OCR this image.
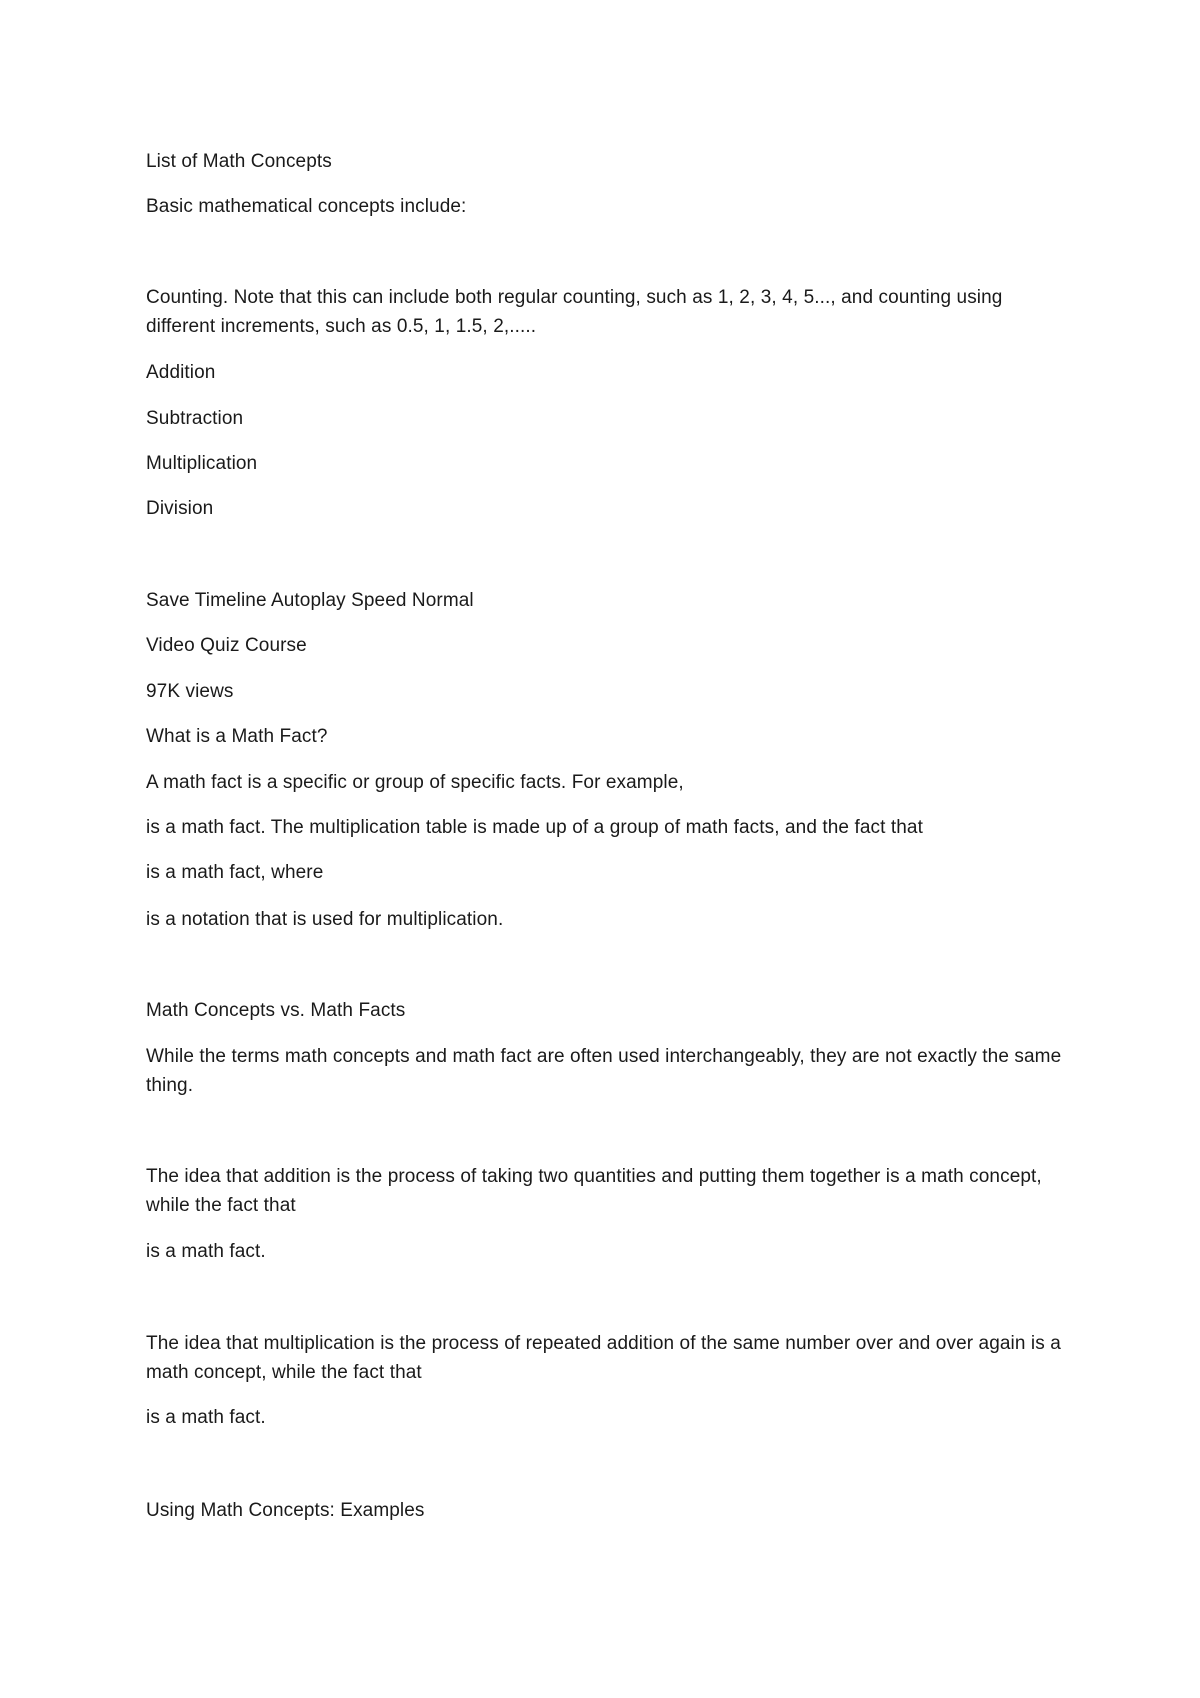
List of Math Concepts
Basic mathematical concepts include:
Counting. Note that this can include both regular counting, such as 1, 2, 3, 4, 5..., and counting using different increments, such as 0.5, 1, 1.5, 2,.....
Addition
Subtraction
Multiplication
Division
Save Timeline Autoplay Speed Normal
Video Quiz Course
97K views
What is a Math Fact?
A math fact is a specific or group of specific facts. For example,
is a math fact. The multiplication table is made up of a group of math facts, and the fact that
is a math fact, where
is a notation that is used for multiplication.
Math Concepts vs. Math Facts
While the terms math concepts and math fact are often used interchangeably, they are not exactly the same thing.
The idea that addition is the process of taking two quantities and putting them together is a math concept, while the fact that
is a math fact.
The idea that multiplication is the process of repeated addition of the same number over and over again is a math concept, while the fact that
is a math fact.
Using Math Concepts: Examples
